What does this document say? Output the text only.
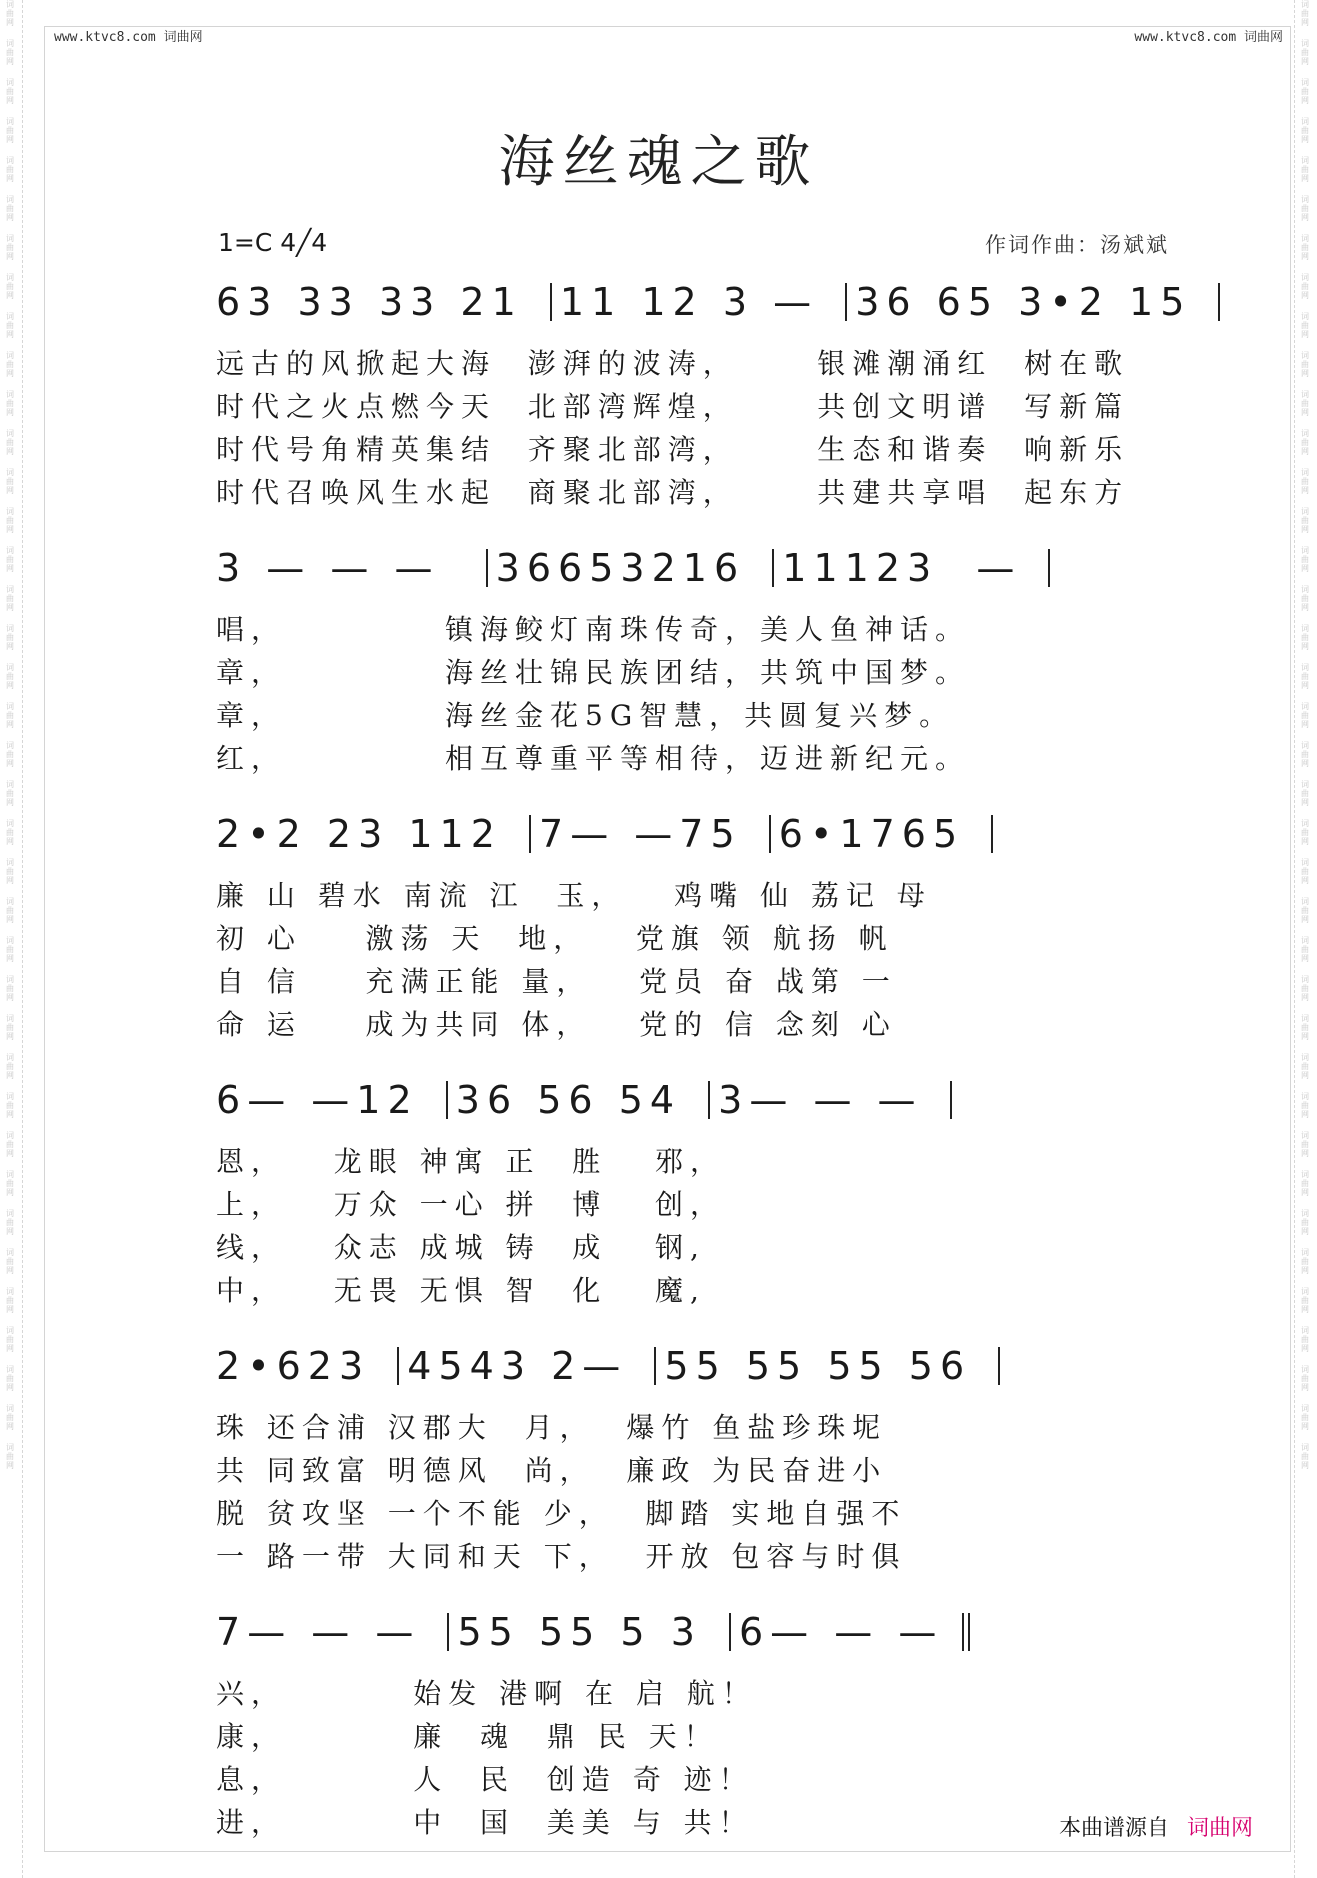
词曲网
词曲网
词曲网
词曲网
词曲网
词曲网
词曲网
词曲网
词曲网
词曲网
词曲网
词曲网
词曲网
词曲网
词曲网
词曲网
词曲网
词曲网
词曲网
词曲网
词曲网
词曲网
词曲网
词曲网
词曲网
词曲网
词曲网
词曲网
词曲网
词曲网
词曲网
词曲网
词曲网
词曲网
词曲网
词曲网
词曲网
词曲网
词曲网
词曲网
词曲网
词曲网
词曲网
词曲网
词曲网
词曲网
词曲网
词曲网
词曲网
词曲网
词曲网
词曲网
词曲网
词曲网
词曲网
词曲网
词曲网
词曲网
词曲网
词曲网
词曲网
词曲网
词曲网
词曲网
词曲网
词曲网
词曲网
词曲网
词曲网
词曲网
词曲网
词曲网
词曲网
词曲网
词曲网
词曲网
www.ktvc8.com 词曲网	www.ktvc8.com 词曲网
海丝魂之歌
1=C 4╱4	作词作曲：汤斌斌
63 33 33 21 11 12 3 — 36 65 3•2 15
远古的风掀起大海  澎湃的波涛，     银滩潮涌红  树在歌
时代之火点燃今天  北部湾辉煌，     共创文明谱  写新篇
时代号角精英集结  齐聚北部湾，     生态和谐奏  响新乐
时代召唤风生水起  商聚北部湾，     共建共享唱  起东方
3 — — — 36653216 11123 —
唱，          镇海鲛灯南珠传奇，美人鱼神话。
章，          海丝壮锦民族团结，共筑中国梦。
章，          海丝金花5G智慧，共圆复兴梦。
红，          相互尊重平等相待，迈进新纪元。
2•2 23 112 7— —75 6•1765
廉 山 碧水 南流 江  玉，   鸡嘴 仙 荔记 母
初 心    激荡 天  地，   党旗 领 航扬 帆
自 信    充满正能 量，   党员 奋 战第 一
命 运    成为共同 体，   党的 信 念刻 心
6— —12 36 56 54 3— — —
恩，   龙眼 神寓 正  胜   邪，
上，   万众 一心 拼  博   创，
线，   众志 成城 铸  成   钢,
中，   无畏 无惧 智  化   魔,
2•623 4543 2— 55 55 55 56
珠 还合浦 汉郡大  月，  爆竹 鱼盐珍珠坭
共 同致富 明德风  尚，  廉政 为民奋进小
脱 贫攻坚 一个不能 少，  脚踏 实地自强不
一 路一带 大同和天 下，  开放 包容与时俱
7— — — 55 55 5 3 6— — —
兴，        始发 港啊 在 启 航！
康，        廉  魂  鼎 民 天！
息，        人  民  创造 奇 迹！
进，        中  国  美美 与 共！	本曲谱源自 词曲网
